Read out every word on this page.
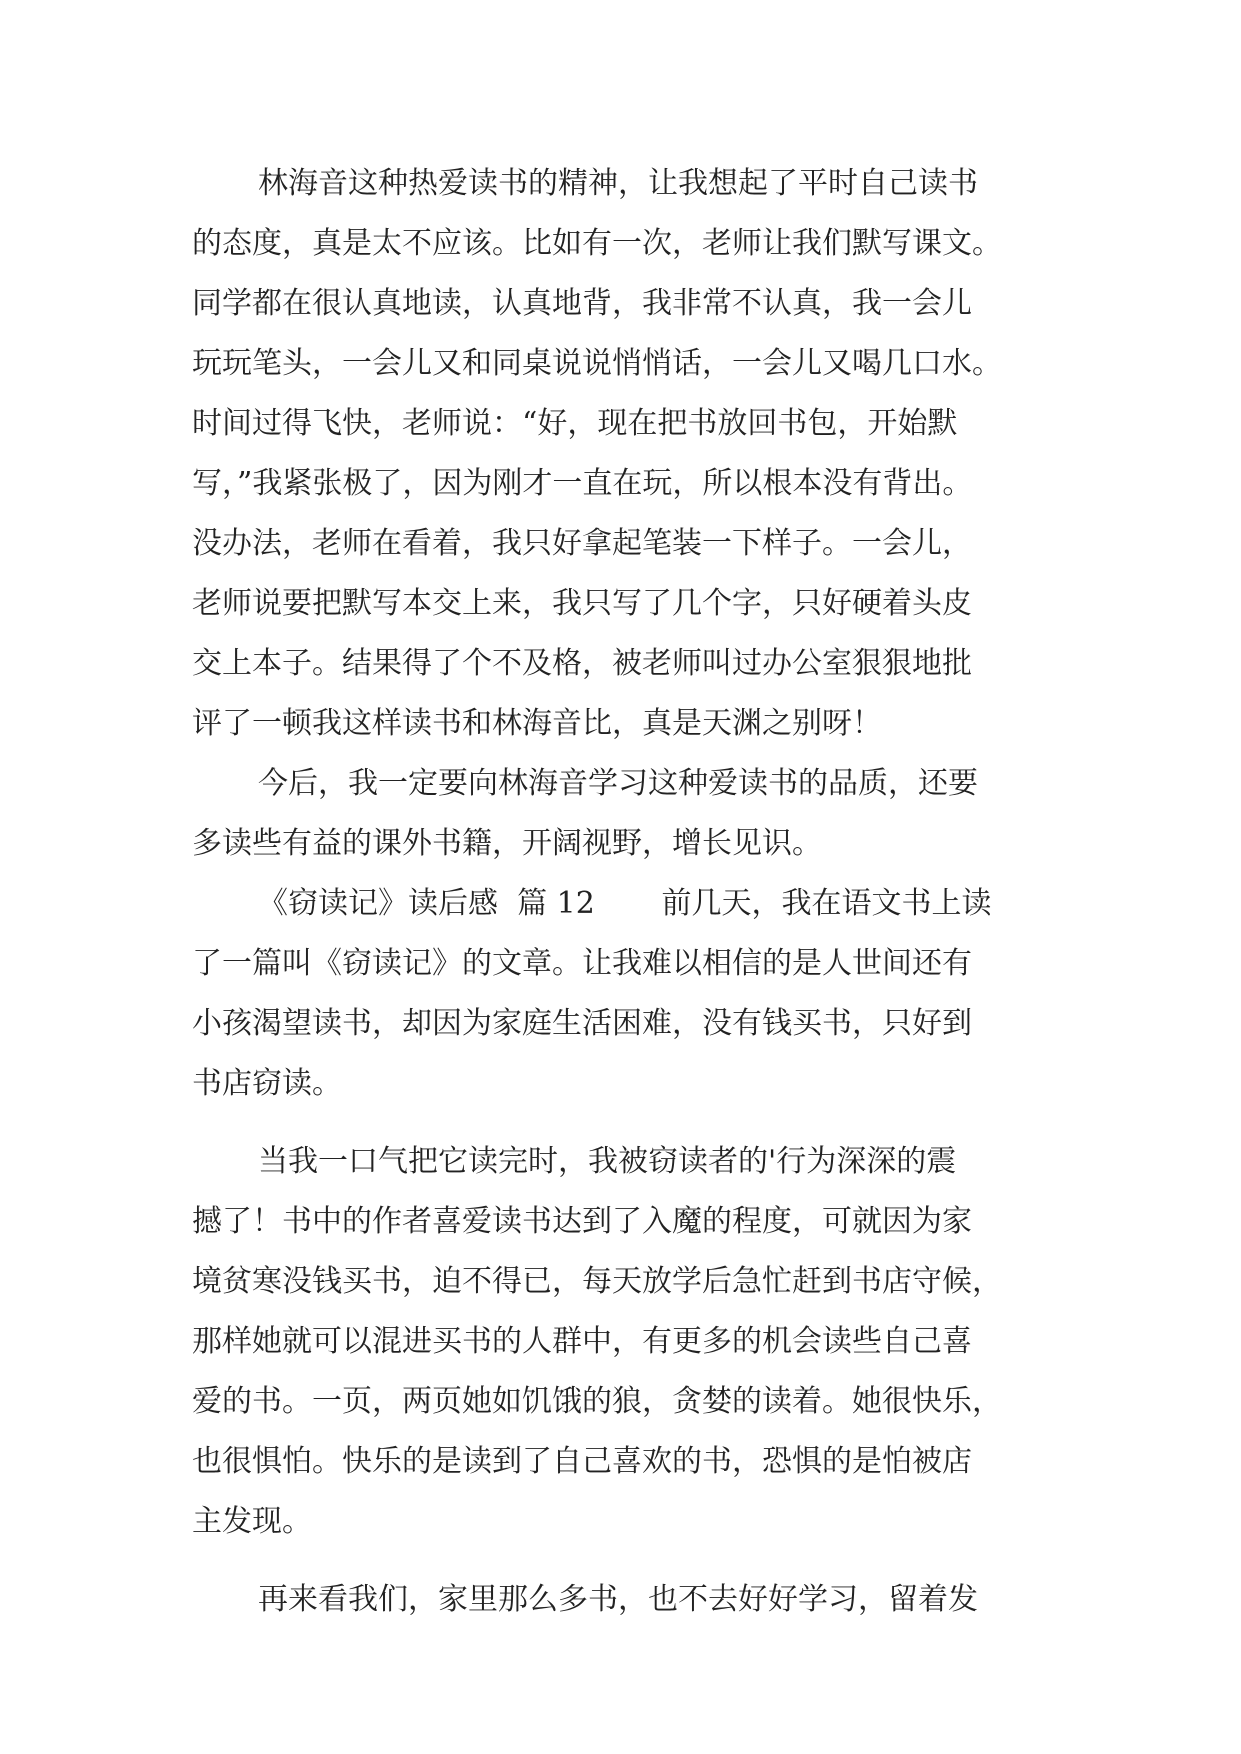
林海音这种热爱读书的精神，让我想起了平时自己读书
的态度，真是太不应该。比如有一次，老师让我们默写课文。
同学都在很认真地读，认真地背，我非常不认真，我一会儿
玩玩笔头，一会儿又和同桌说说悄悄话，一会儿又喝几口水。
时间过得飞快，老师说：“好，现在把书放回书包，开始默
写，”我紧张极了，因为刚才一直在玩，所以根本没有背出。
没办法，老师在看着，我只好拿起笔装一下样子。一会儿，
老师说要把默写本交上来，我只写了几个字，只好硬着头皮
交上本子。结果得了个不及格，被老师叫过办公室狠狠地批
评了一顿我这样读书和林海音比，真是天渊之别呀！
今后，我一定要向林海音学习这种爱读书的品质，还要
多读些有益的课外书籍，开阔视野，增长见识。
《窃读记》读后感  篇 12       前几天，我在语文书上读
了一篇叫《窃读记》的文章。让我难以相信的是人世间还有
小孩渴望读书，却因为家庭生活困难，没有钱买书，只好到
书店窃读。
当我一口气把它读完时，我被窃读者的'行为深深的震
撼了！书中的作者喜爱读书达到了入魔的程度，可就因为家
境贫寒没钱买书，迫不得已，每天放学后急忙赶到书店守候，
那样她就可以混进买书的人群中，有更多的机会读些自己喜
爱的书。一页，两页她如饥饿的狼，贪婪的读着。她很快乐，
也很惧怕。快乐的是读到了自己喜欢的书，恐惧的是怕被店
主发现。
再来看我们，家里那么多书，也不去好好学习，留着发
